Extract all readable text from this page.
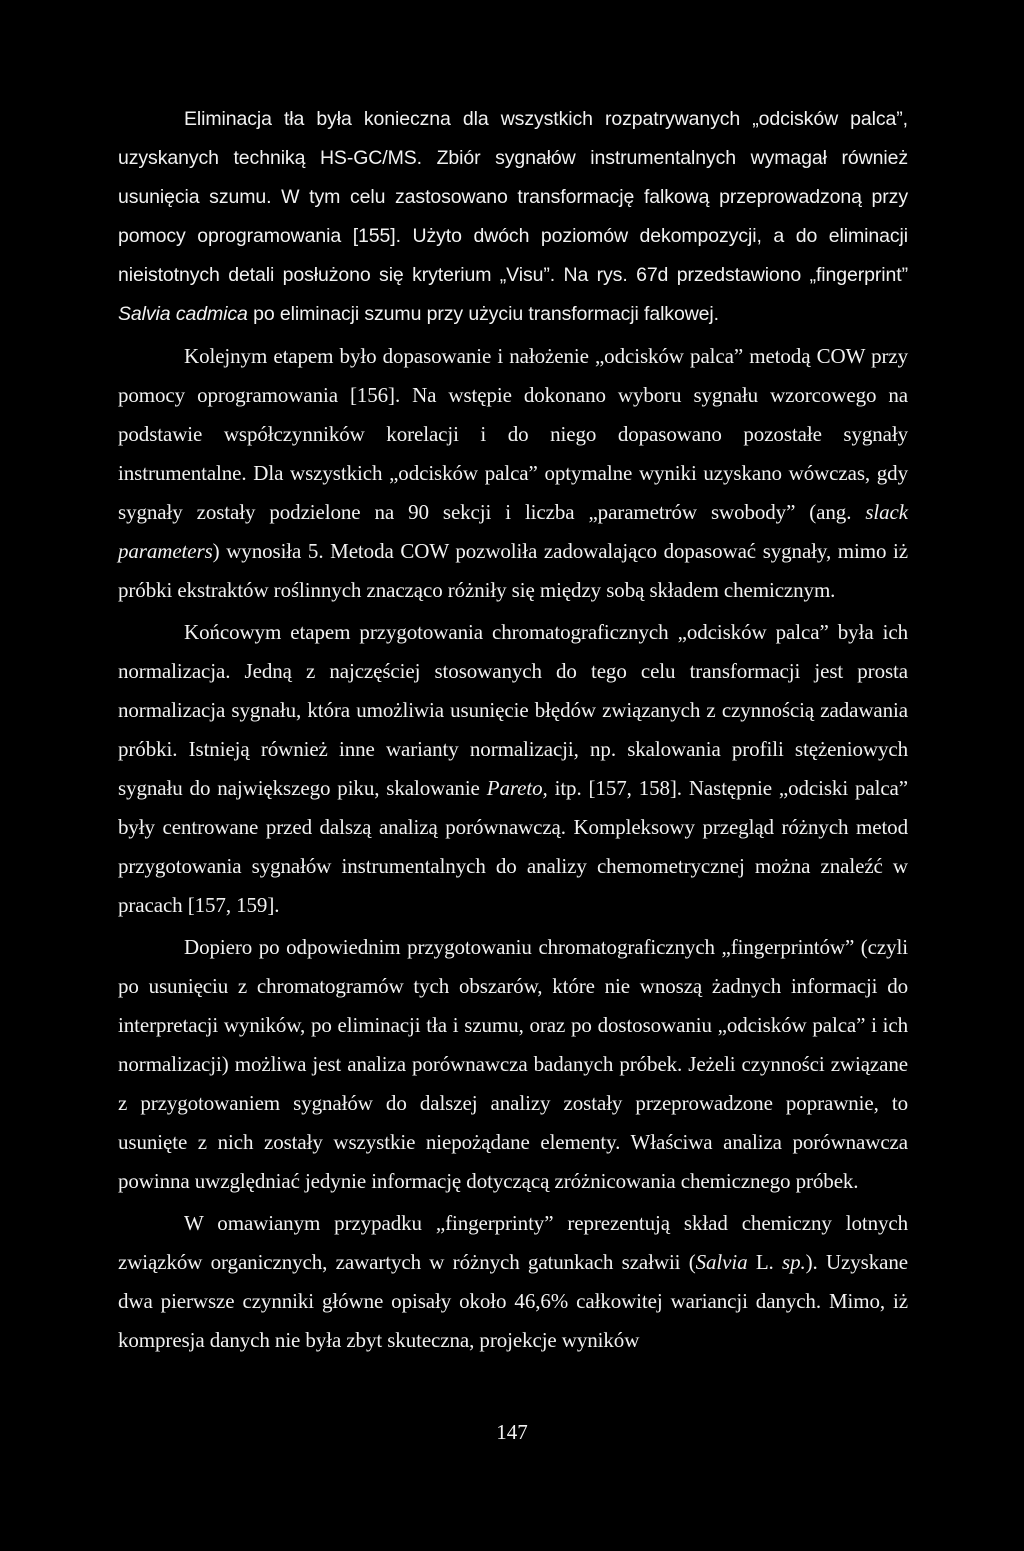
Eliminacja tła była konieczna dla wszystkich rozpatrywanych „odcisków palca”, uzyskanych techniką HS-GC/MS. Zbiór sygnałów instrumentalnych wymagał również usunięcia szumu. W tym celu zastosowano transformację falkową przeprowadzoną przy pomocy oprogramowania [155]. Użyto dwóch poziomów dekompozycji, a do eliminacji nieistotnych detali posłużono się kryterium „Visu”. Na rys. 67d przedstawiono „fingerprint” Salvia cadmica po eliminacji szumu przy użyciu transformacji falkowej.

Kolejnym etapem było dopasowanie i nałożenie „odcisków palca” metodą COW przy pomocy oprogramowania [156]. Na wstępie dokonano wyboru sygnału wzorcowego na podstawie współczynników korelacji i do niego dopasowano pozostałe sygnały instrumentalne. Dla wszystkich „odcisków palca” optymalne wyniki uzyskano wówczas, gdy sygnały zostały podzielone na 90 sekcji i liczba „parametrów swobody” (ang. slack parameters) wynosiła 5. Metoda COW pozwoliła zadowalająco dopasować sygnały, mimo iż próbki ekstraktów roślinnych znacząco różniły się między sobą składem chemicznym.

Końcowym etapem przygotowania chromatograficznych „odcisków palca” była ich normalizacja. Jedną z najczęściej stosowanych do tego celu transformacji jest prosta normalizacja sygnału, która umożliwia usunięcie błędów związanych z czynnością zadawania próbki. Istnieją również inne warianty normalizacji, np. skalowania profili stężeniowych sygnału do największego piku, skalowanie Pareto, itp. [157, 158]. Następnie „odciski palca” były centrowane przed dalszą analizą porównawczą. Kompleksowy przegląd różnych metod przygotowania sygnałów instrumentalnych do analizy chemometrycznej można znaleźć w pracach [157, 159].

Dopiero po odpowiednim przygotowaniu chromatograficznych „fingerprintów” (czyli po usunięciu z chromatogramów tych obszarów, które nie wnoszą żadnych informacji do interpretacji wyników, po eliminacji tła i szumu, oraz po dostosowaniu „odcisków palca” i ich normalizacji) możliwa jest analiza porównawcza badanych próbek. Jeżeli czynności związane z przygotowaniem sygnałów do dalszej analizy zostały przeprowadzone poprawnie, to usunięte z nich zostały wszystkie niepożądane elementy. Właściwa analiza porównawcza powinna uwzględniać jedynie informację dotyczącą zróżnicowania chemicznego próbek.

W omawianym przypadku „fingerprinty” reprezentują skład chemiczny lotnych związków organicznych, zawartych w różnych gatunkach szałwii (Salvia L. sp.). Uzyskane dwa pierwsze czynniki główne opisały około 46,6% całkowitej wariancji danych. Mimo, iż kompresja danych nie była zbyt skuteczna, projekcje wyników

147
